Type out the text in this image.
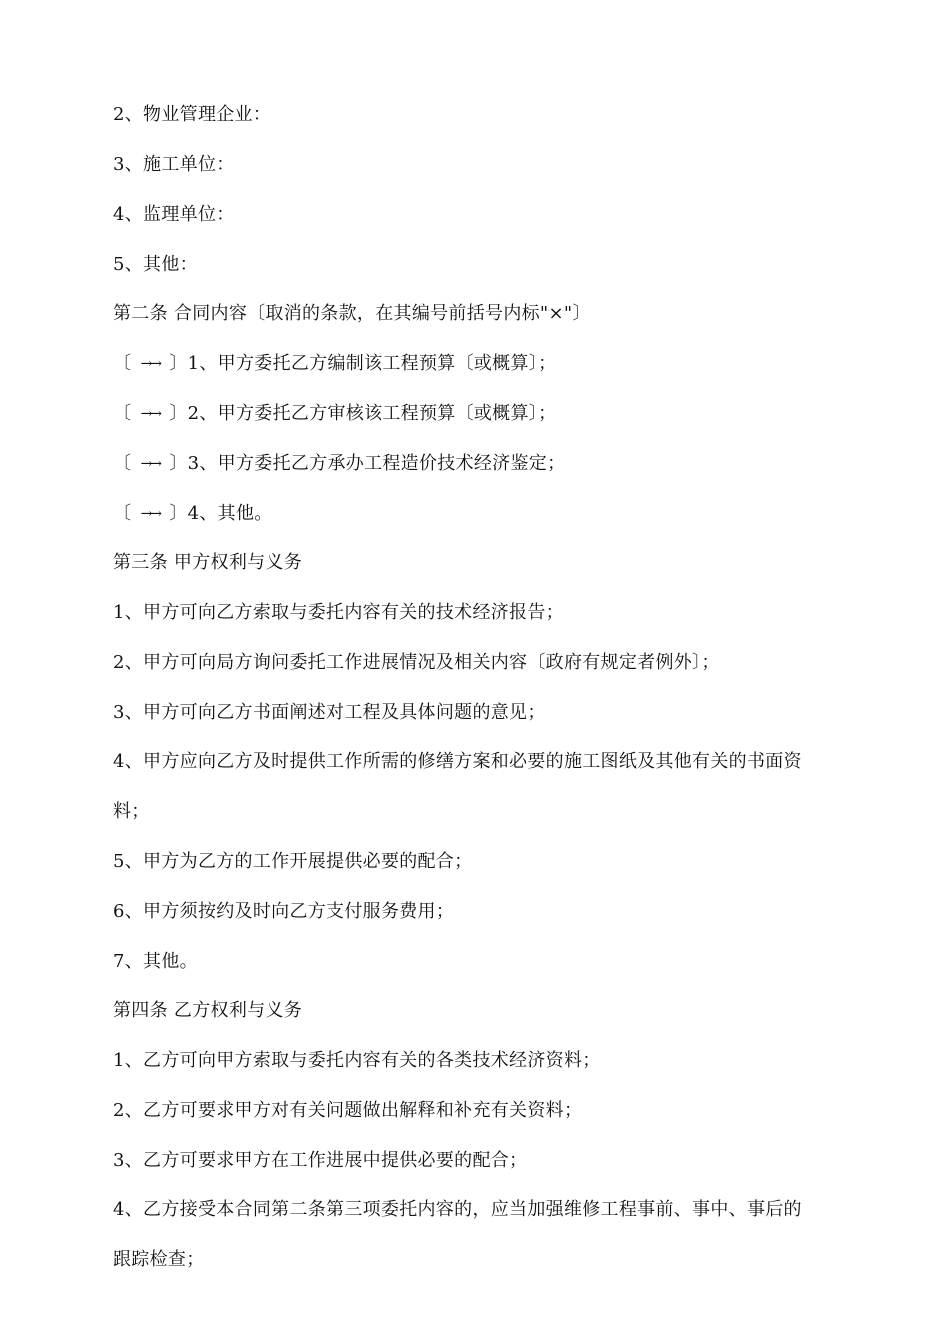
2、物业管理企业：
3、施工单位：
4、监理单位：
5、其他：
第二条 合同内容〔取消的条款，在其编号前括号内标"×"〕
〔 →→ 〕1、甲方委托乙方编制该工程预算〔或概算〕；
〔 →→ 〕2、甲方委托乙方审核该工程预算〔或概算〕；
〔 →→ 〕3、甲方委托乙方承办工程造价技术经济鉴定；
〔 →→ 〕4、其他。
第三条 甲方权利与义务
1、甲方可向乙方索取与委托内容有关的技术经济报告；
2、甲方可向局方询问委托工作进展情况及相关内容〔政府有规定者例外〕；
3、甲方可向乙方书面阐述对工程及具体问题的意见；
4、甲方应向乙方及时提供工作所需的修缮方案和必要的施工图纸及其他有关的书面资
料；
5、甲方为乙方的工作开展提供必要的配合；
6、甲方须按约及时向乙方支付服务费用；
7、其他。
第四条 乙方权利与义务
1、乙方可向甲方索取与委托内容有关的各类技术经济资料；
2、乙方可要求甲方对有关问题做出解释和补充有关资料；
3、乙方可要求甲方在工作进展中提供必要的配合；
4、乙方接受本合同第二条第三项委托内容的，应当加强维修工程事前、事中、事后的
跟踪检查；
